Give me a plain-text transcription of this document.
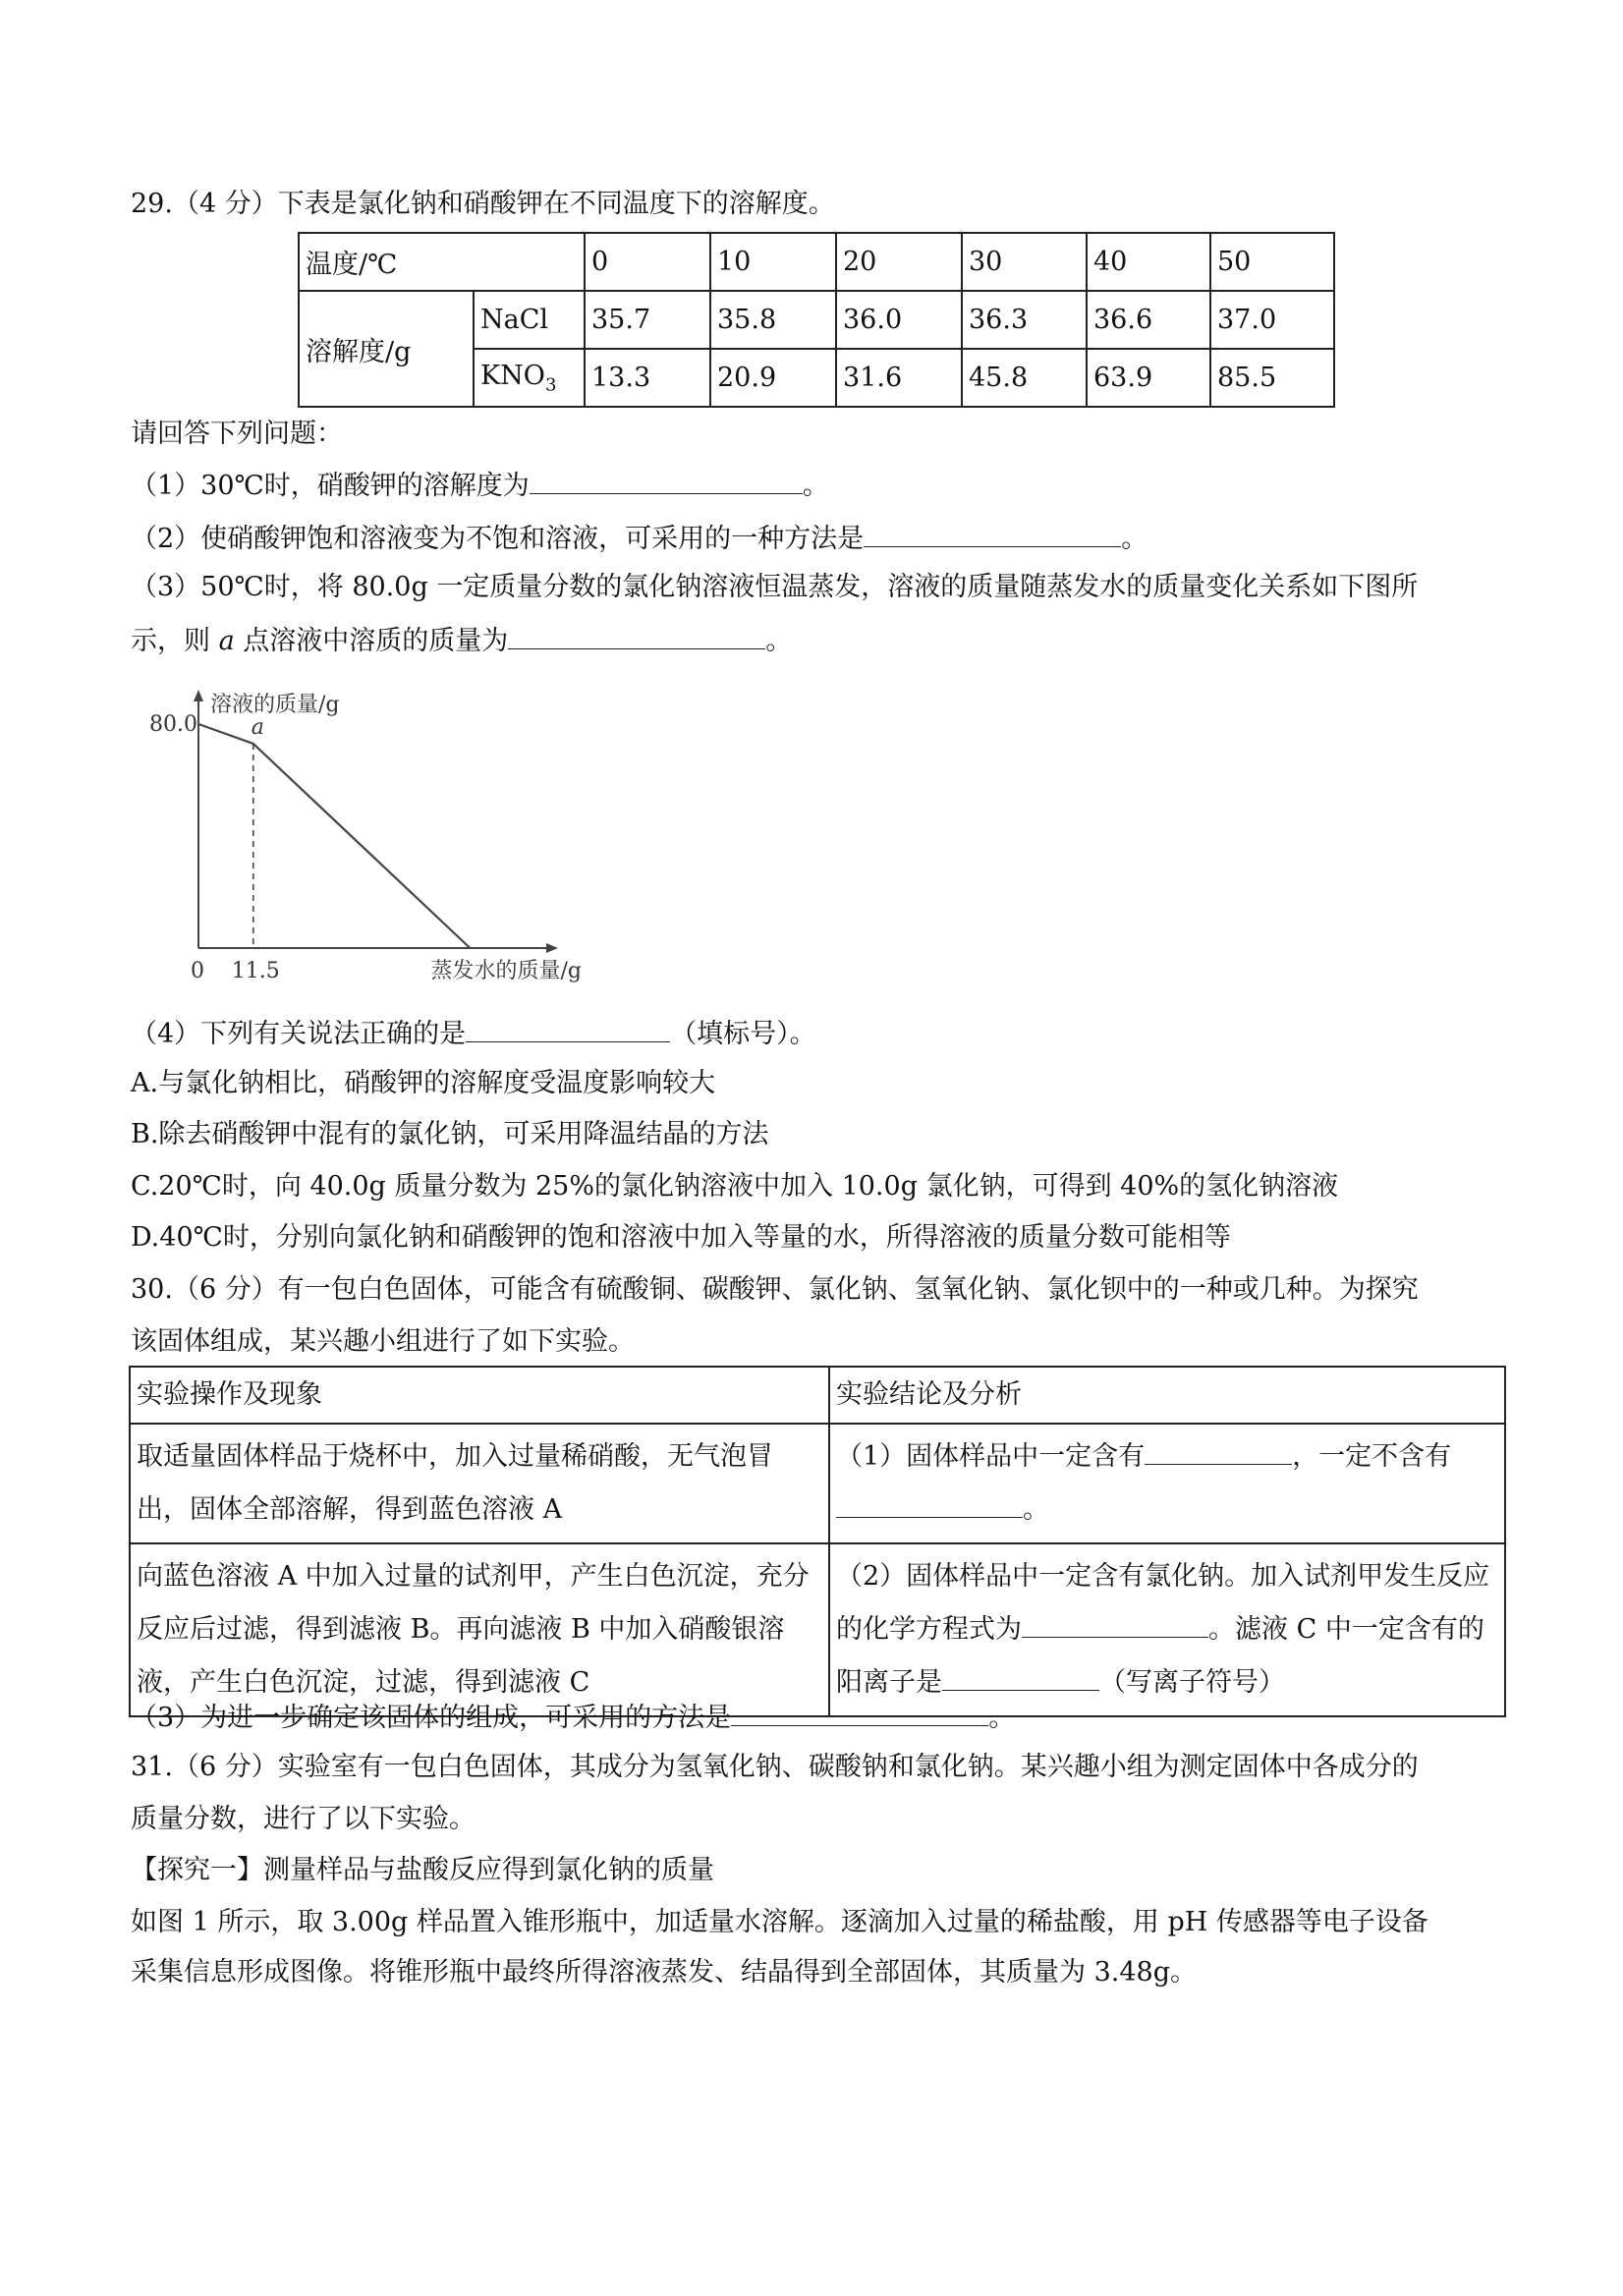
29.（4 分）下表是氯化钠和硝酸钾在不同温度下的溶解度。
温度/℃		0	10	20	30	40	50
溶解度/g	NaCl	35.7	35.8	36.0	36.3	36.6	37.0
	$KNO_3$	13.3	20.9	31.6	45.8	63.9	85.5
请回答下列问题：
（1）30℃时，硝酸钾的溶解度为	。
（2）使硝酸钾饱和溶液变为不饱和溶液，可采用的一种方法是	。
（3）50℃时，将 80.0g 一定质量分数的氯化钠溶液恒温蒸发，溶液的质量随蒸发水的质量变化关系如下图所
示，则 a 点溶液中溶质的质量为	。
溶液的质量/g
a
80.0
0 11.5	蒸发水的质量/g
（4）下列有关说法正确的是	（填标号）。
A.与氯化钠相比，硝酸钾的溶解度受温度影响较大
B.除去硝酸钾中混有的氯化钠，可采用降温结晶的方法
C.20℃时，向 40.0g 质量分数为 25%的氯化钠溶液中加入 10.0g 氯化钠，可得到 40%的氢化钠溶液
D.40℃时，分别向氯化钠和硝酸钾的饱和溶液中加入等量的水，所得溶液的质量分数可能相等
30.（6 分）有一包白色固体，可能含有硫酸铜、碳酸钾、氯化钠、氢氧化钠、氯化钡中的一种或几种。为探究
该固体组成，某兴趣小组进行了如下实验。
实验操作及现象	实验结论及分析
取适量固体样品于烧杯中，加入过量稀硝酸，无气泡冒出，固体全部溶解，得到蓝色溶液 A	（1）固体样品中一定含有 ，一定不含有
。
向蓝色溶液 A 中加入过量的试剂甲，产生白色沉淀，充分反应后过滤，得到滤液 B。再向滤液 B 中加入硝酸银溶液，产生白色沉淀，过滤，得到滤液 C	（2）固体样品中一定含有氯化钠。加入试剂甲发生反应的化学方程式为 。滤液 C 中一定含有的阳离子是 （写离子符号）
（3）为进一步确定该固体的组成，可采用的方法是	。
31.（6 分）实验室有一包白色固体，其成分为氢氧化钠、碳酸钠和氯化钠。某兴趣小组为测定固体中各成分的
质量分数，进行了以下实验。
【探究一】测量样品与盐酸反应得到氯化钠的质量
如图 1 所示，取 3.00g 样品置入锥形瓶中，加适量水溶解。逐滴加入过量的稀盐酸，用 pH 传感器等电子设备
采集信息形成图像。将锥形瓶中最终所得溶液蒸发、结晶得到全部固体，其质量为 3.48g。
